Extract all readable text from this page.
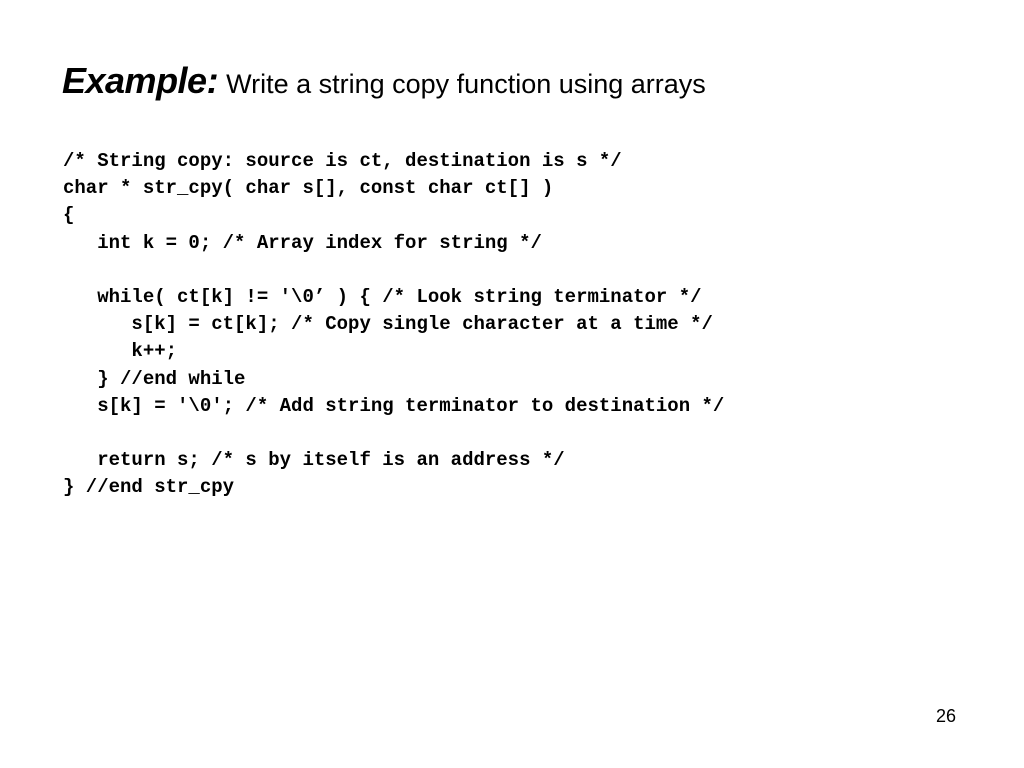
Example: Write a string copy function using arrays
/* String copy: source is ct, destination is s */
char * str_cpy( char s[], const char ct[] )
{
int k = 0; /* Array index for string */
while( ct[k] != '\0’ ) { /* Look string terminator */
s[k] = ct[k]; /* Copy single character at a time */
k++;
} //end while
s[k] = '\0'; /* Add string terminator to destination */
return s; /* s by itself is an address */
} //end str_cpy
26
